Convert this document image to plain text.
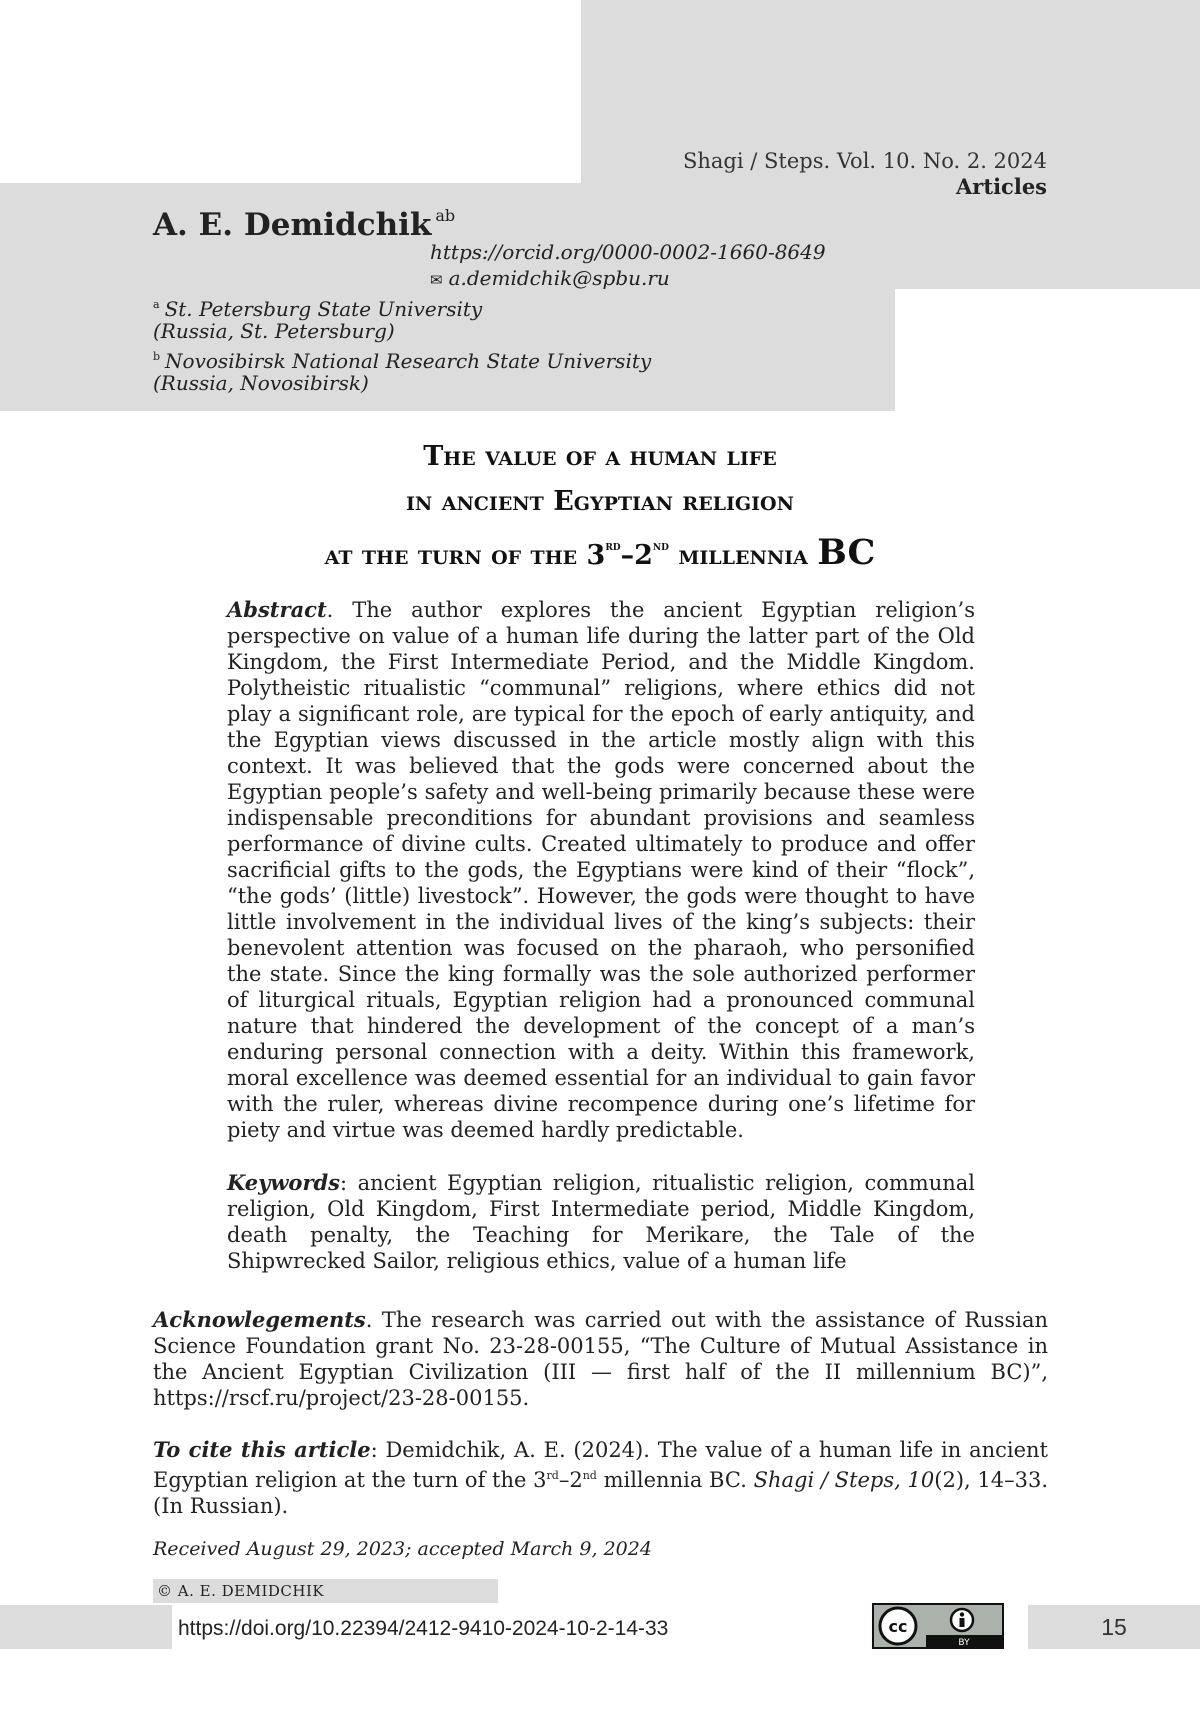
Shagi / Steps. Vol. 10. No. 2. 2024
Articles
A. E. Demidchik ab
https://orcid.org/0000-0002-1660-8649
✉ a.demidchik@spbu.ru
a St. Petersburg State University
(Russia, St. Petersburg)
b Novosibirsk National Research State University
(Russia, Novosibirsk)
The value of a human life
in ancient Egyptian religion
at the turn of the 3rd–2nd millennia BC
Abstract. The author explores the ancient Egyptian religion’s perspective on value of a human life during the latter part of the Old Kingdom, the First Intermediate Period, and the Middle Kingdom. Polytheistic ritualistic “communal” religions, where ethics did not play a significant role, are typical for the epoch of early antiquity, and the Egyptian views discussed in the article mostly align with this context. It was believed that the gods were concerned about the Egyptian people’s safety and well-being primarily because these were indispensable preconditions for abundant provisions and seamless performance of divine cults. Created ultimately to produce and offer sacrificial gifts to the gods, the Egyptians were kind of their “flock”, “the gods’ (little) livestock”. However, the gods were thought to have little involvement in the individual lives of the king’s subjects: their benevolent attention was focused on the pharaoh, who personified the state. Since the king formally was the sole authorized performer of liturgical rituals, Egyptian religion had a pronounced communal nature that hindered the development of the concept of a man’s enduring personal connection with a deity. Within this framework, moral excellence was deemed essential for an individual to gain favor with the ruler, whereas divine recompence during one’s lifetime for piety and virtue was deemed hardly predictable.
Keywords: ancient Egyptian religion, ritualistic religion, communal religion, Old Kingdom, First Intermediate period, Middle Kingdom, death penalty, the Teaching for Merikare, the Tale of the Shipwrecked Sailor, religious ethics, value of a human life
Acknowlegements. The research was carried out with the assistance of Russian Science Foundation grant No. 23-28-00155, “The Culture of Mutual Assistance in the Ancient Egyptian Civilization (III — first half of the II millennium BC)”, https://rscf.ru/project/23-28-00155.
To cite this article: Demidchik, A. E. (2024). The value of a human life in ancient Egyptian religion at the turn of the 3rd–2nd millennia BC. Shagi / Steps, 10(2), 14–33. (In Russian).
Received August 29, 2023; accepted March 9, 2024
© A. E. DEMIDCHIK
https://doi.org/10.22394/2412-9410-2024-10-2-14-33	cc
BY
15
